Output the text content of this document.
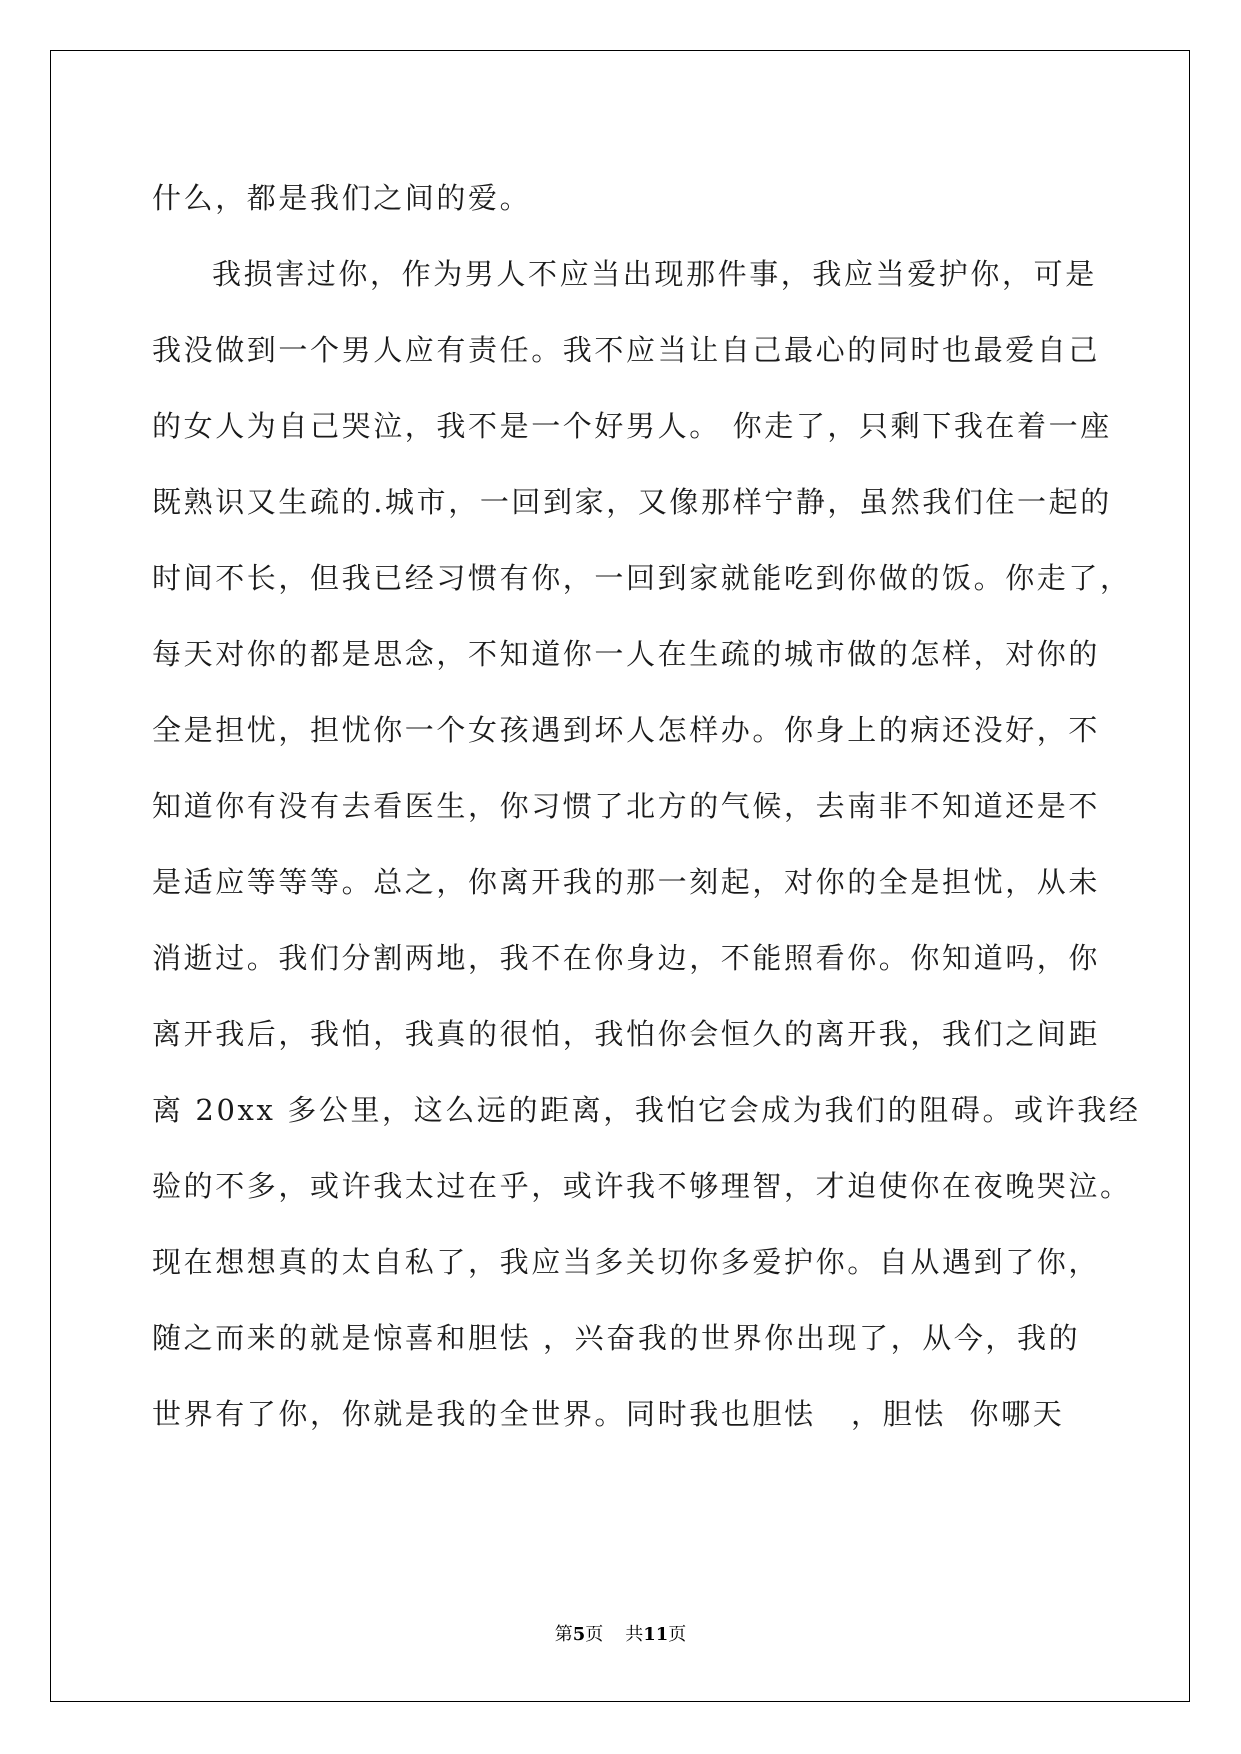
什么，都是我们之间的爱。
我损害过你，作为男人不应当出现那件事，我应当爱护你，可是
我没做到一个男人应有责任。我不应当让自己最心的同时也最爱自己
的女人为自己哭泣，我不是一个好男人。 你走了，只剩下我在着一座
既熟识又生疏的.城市，一回到家，又像那样宁静，虽然我们住一起的
时间不长，但我已经习惯有你，一回到家就能吃到你做的饭。你走了，
每天对你的都是思念，不知道你一人在生疏的城市做的怎样，对你的
全是担忧，担忧你一个女孩遇到坏人怎样办。你身上的病还没好，不
知道你有没有去看医生，你习惯了北方的气候，去南非不知道还是不
是适应等等等。总之，你离开我的那一刻起，对你的全是担忧，从未
消逝过。我们分割两地，我不在你身边，不能照看你。你知道吗，你
离开我后，我怕，我真的很怕，我怕你会恒久的离开我，我们之间距
离 20xx 多公里，这么远的距离，我怕它会成为我们的阻碍。或许我经
验的不多，或许我太过在乎，或许我不够理智，才迫使你在夜晚哭泣。
现在想想真的太自私了，我应当多关切你多爱护你。自从遇到了你，
随之而来的就是惊喜和胆怯 ，兴奋我的世界你出现了，从今，我的
世界有了你，你就是我的全世界。同时我也胆怯   ，胆怯  你哪天
第5页 共11页
